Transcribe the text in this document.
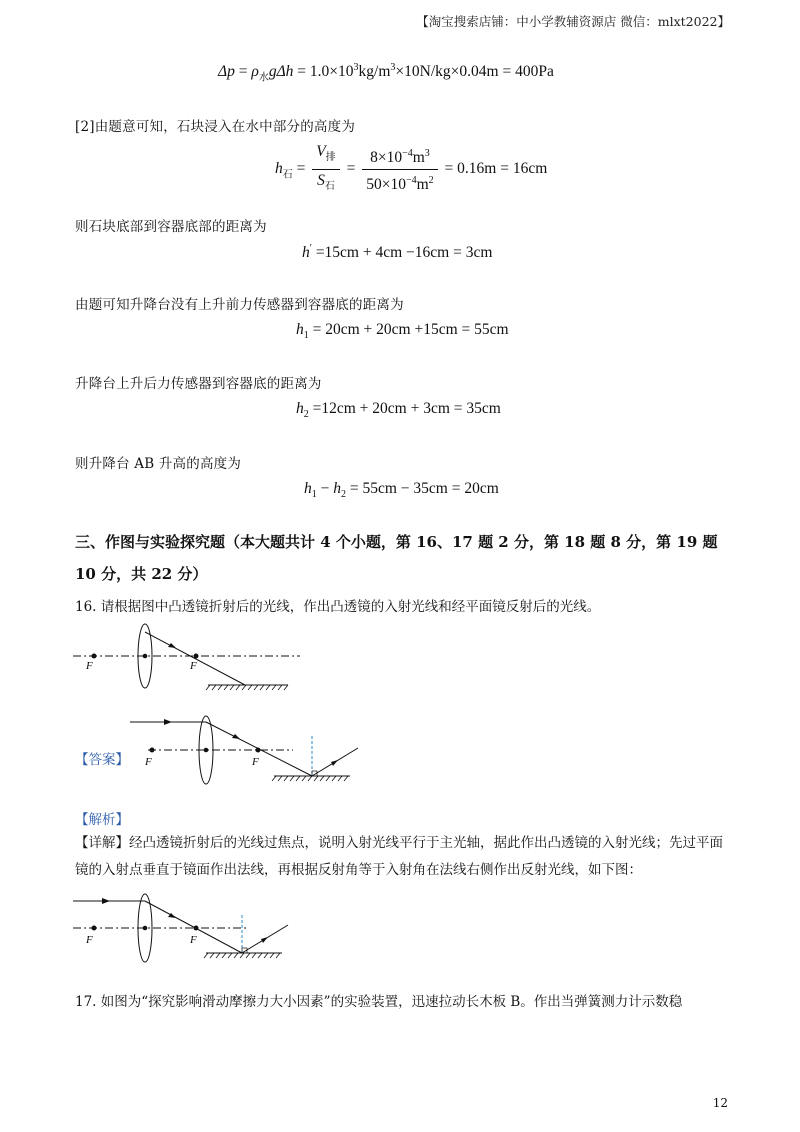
【淘宝搜索店铺：中小学教辅资源店 微信：mlxt2022】
$\Delta p = \rho_水g\Delta h = 1.0\times 10^3kg/m^3\times 10N/kg\times 0.04m = 400Pa$
[2]由题意可知，石块浸入在水中部分的高度为
$h_石 = \frac{V_排}{S_石} = \frac{8\times 10^{-4}m^3}{50\times 10^{-4}m^2} = 0.16m = 16cm$
则石块底部到容器底部的距离为
h′ =15cm + 4cm −16cm = 3cm
由题可知升降台没有上升前力传感器到容器底的距离为
$h_1 = 20cm + 20cm +15cm = 55cm$
升降台上升后力传感器到容器底的距离为
$h_2 =12cm + 20cm + 3cm = 35cm$
则升降台 AB 升高的高度为
$h_1 - h_2 = 55cm - 35cm = 20cm$
三、作图与实验探究题（本大题共计 4 个小题，第 16、17 题 2 分，第 18 题 8 分，第 19 题 10 分，共 22 分）
16. 请根据图中凸透镜折射后的光线，作出凸透镜的入射光线和经平面镜反射后的光线。
F	F
【答案】 F	F
【解析】
【详解】经凸透镜折射后的光线过焦点，说明入射光线平行于主光轴，据此作出凸透镜的入射光线；先过平面镜的入射点垂直于镜面作出法线，再根据反射角等于入射角在法线右侧作出反射光线，如下图：
F	F
17. 如图为“探究影响滑动摩擦力大小因素”的实验装置，迅速拉动长木板 B。作出当弹簧测力计示数稳
12
